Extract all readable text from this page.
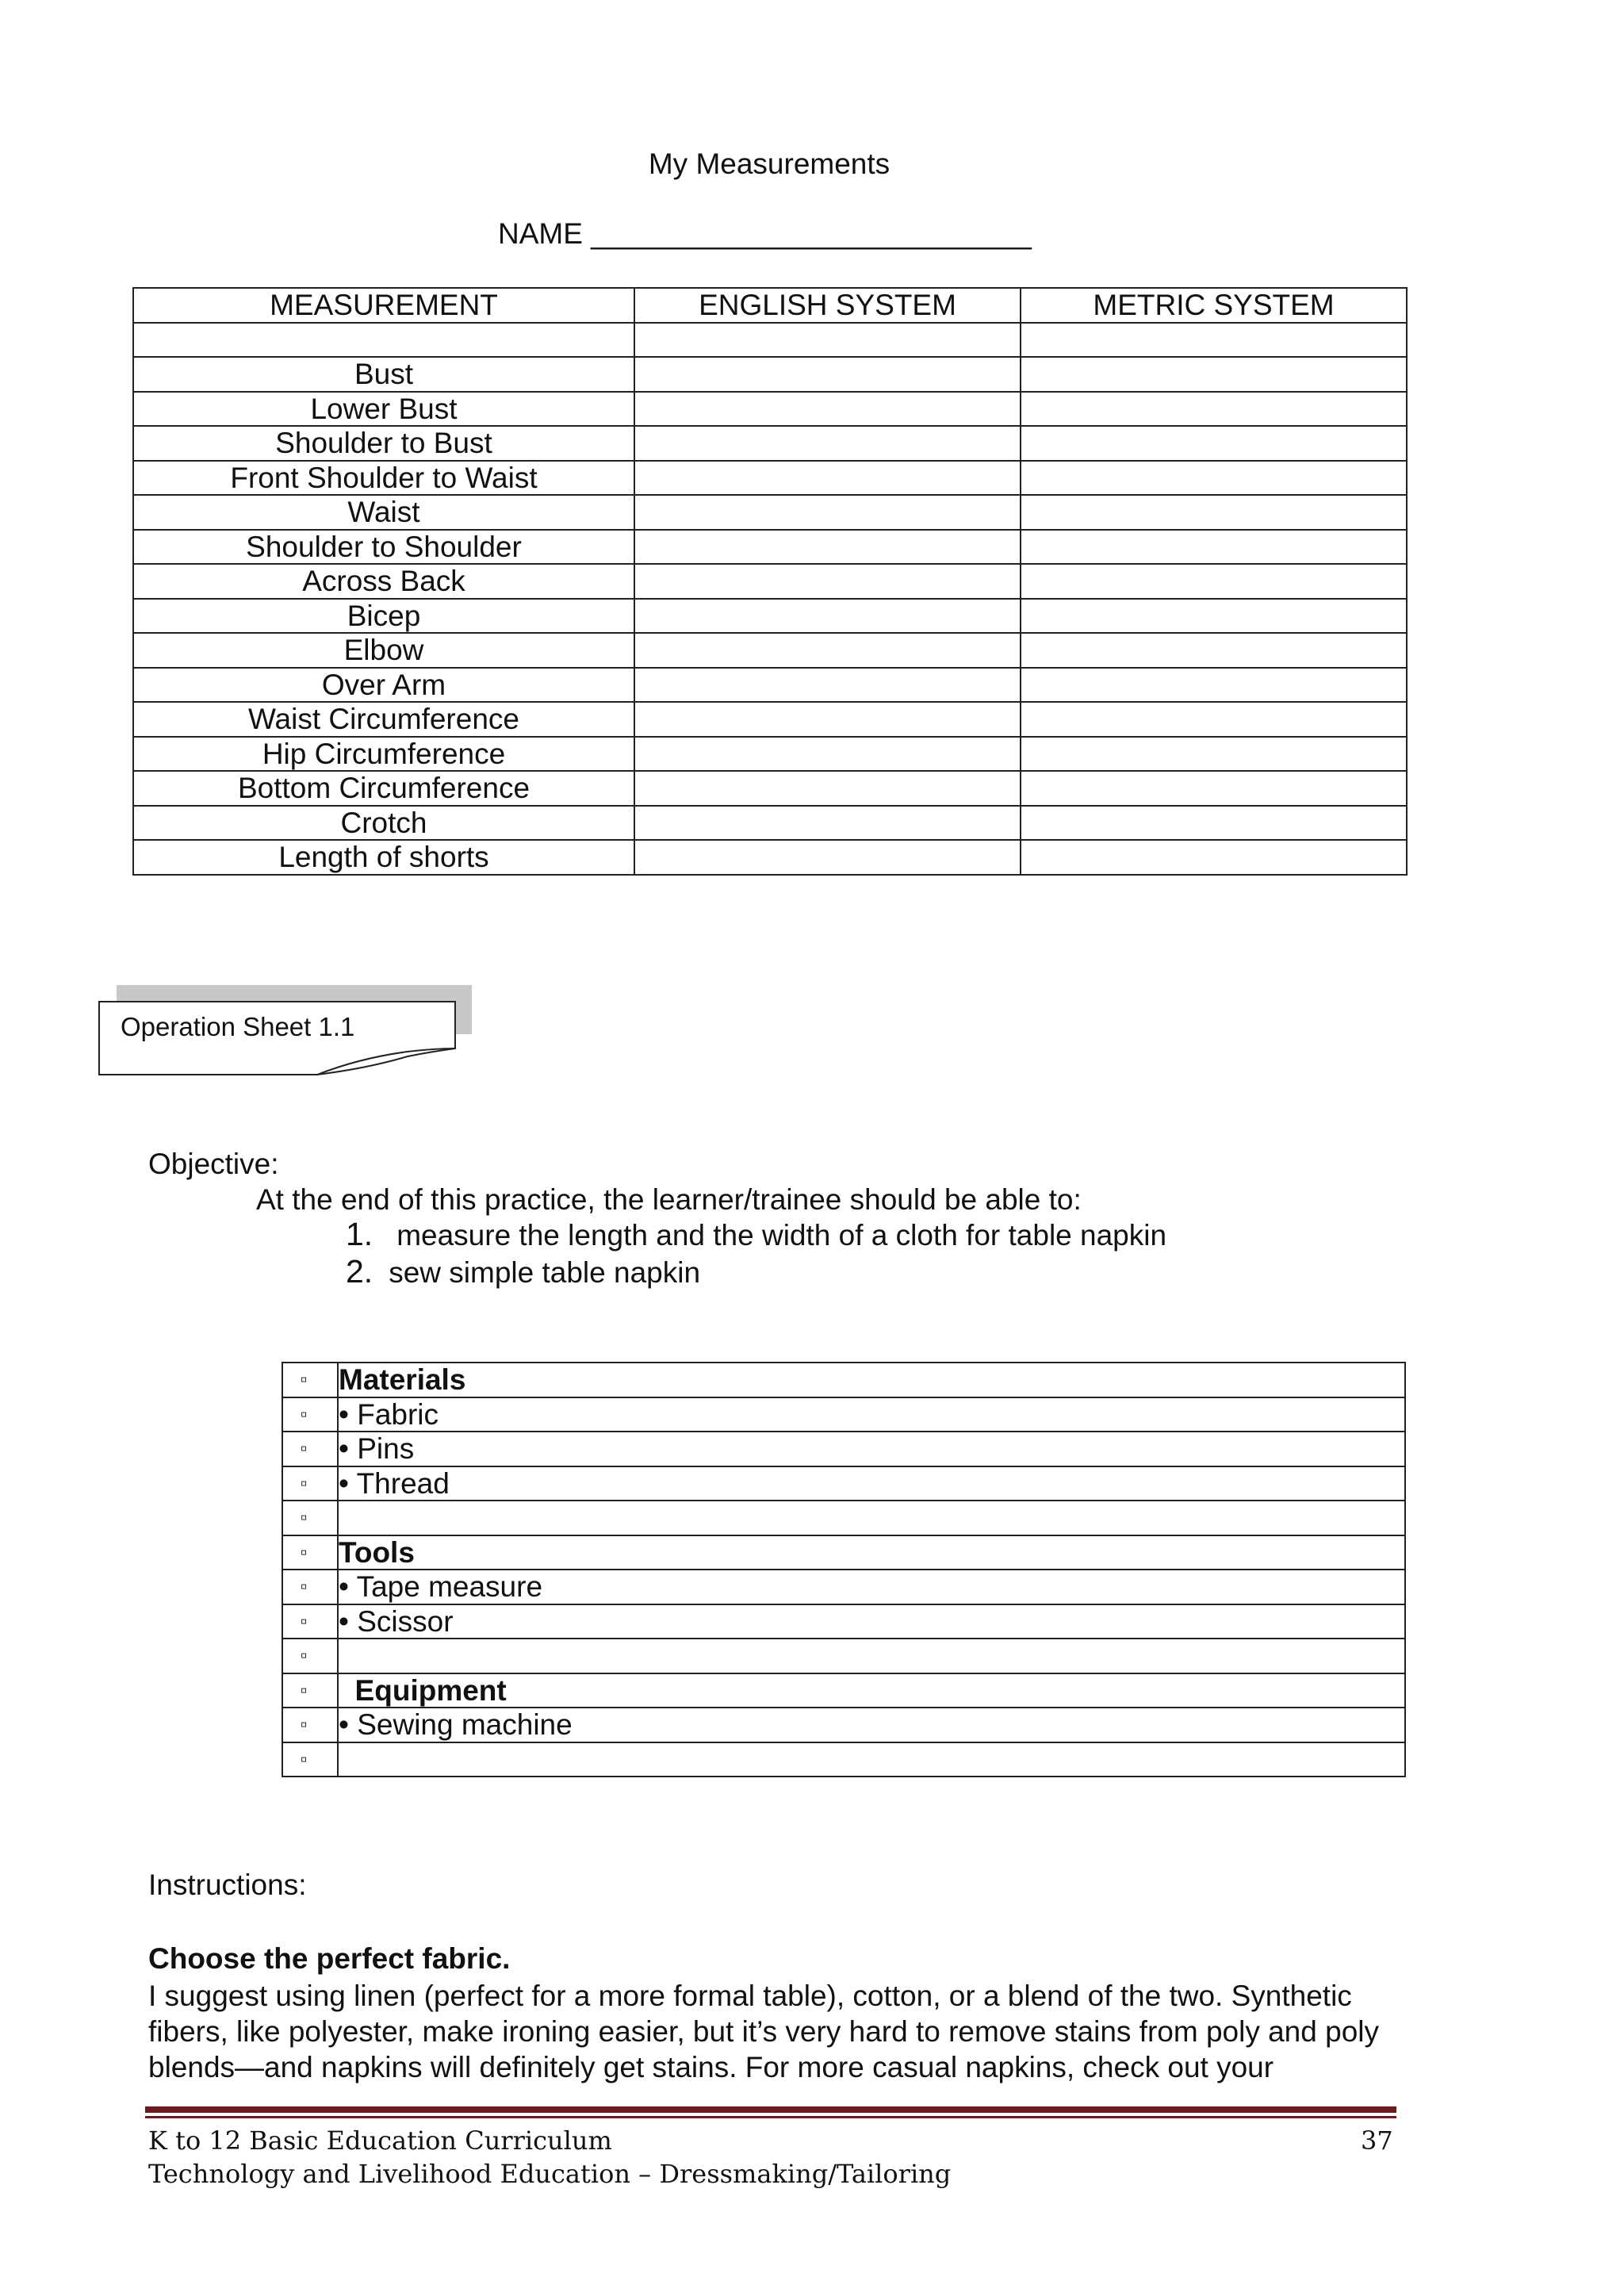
My Measurements
NAME ___________________________
MEASUREMENT	ENGLISH SYSTEM	METRIC SYSTEM

Bust		
Lower Bust		
Shoulder to Bust		
Front Shoulder to Waist		
Waist		
Shoulder to Shoulder		
Across Back		
Bicep		
Elbow		
Over Arm		
Waist Circumference		
Hip Circumference		
Bottom Circumference		
Crotch		
Length of shorts		
Operation Sheet 1.1
Objective:
At the end of this practice, the learner/trainee should be able to:
1. measure the length and the width of a cloth for table napkin
2. sew simple table napkin
▫	Materials
▫	• Fabric
▫	• Pins
▫	• Thread
▫	
▫	Tools
▫	• Tape measure
▫	• Scissor
▫	
▫	Equipment
▫	• Sewing machine
▫	
Instructions:
Choose the perfect fabric.
I suggest using linen (perfect for a more formal table), cotton, or a blend of the two. Synthetic fibers, like polyester, make ironing easier, but it’s very hard to remove stains from poly and poly blends—and napkins will definitely get stains. For more casual napkins, check out your
K to 12 Basic Education Curriculum
Technology and Livelihood Education – Dressmaking/Tailoring
37
